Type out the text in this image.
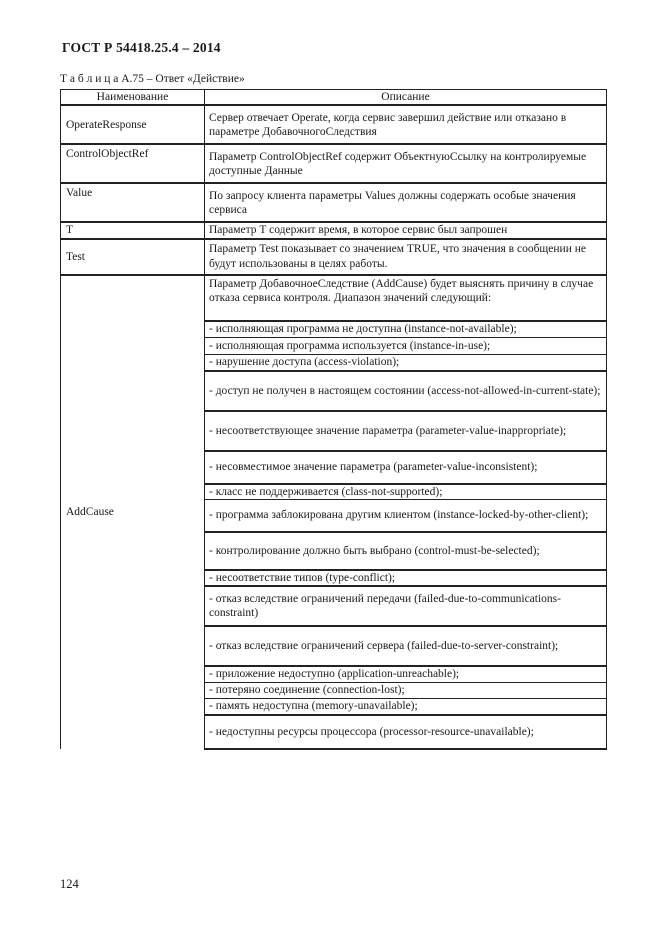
ГОСТ Р 54418.25.4 – 2014
Т а б л и ц а А.75 – Ответ «Действие»
Наименование	Описание
OperateResponse	Сервер отвечает Operate, когда сервис завершил действие или отказано в параметре ДобавочногоСледствия
ControlObjectRef	Параметр ControlObjectRef содержит ОбъектнуюСсылку на контролируемые доступные Данные
Value	По запросу клиента параметры Values должны содержать особые значения сервиса
T	Параметр T содержит время, в которое сервис был запрошен
Test	Параметр Test показывает со значением TRUE, что значения в сообщении не будут использованы в целях работы.
AddCause	Параметр ДобавочноеСледствие (AddCause) будет выяснять причину в случае отказа сервиса контроля. Диапазон значений следующий:
	- исполняющая программа не доступна (instance-not-available);
	- исполняющая программа используется (instance-in-use);
	- нарушение доступа (access-violation);
	- доступ не получен в настоящем состоянии (access-not-allowed-in-current-state);
	- несоответствующее значение параметра (parameter-value-inappropriate);
	- несовместимое значение параметра (parameter-value-inconsistent);
	- класс не поддерживается (class-not-supported);
	- программа заблокирована другим клиентом (instance-locked-by-other-client);
	- контролирование должно быть выбрано (control-must-be-selected);
	- несоответствие типов (type-conflict);
	- отказ вследствие ограничений передачи (failed-due-to-communications-constraint)
	- отказ вследствие ограничений сервера (failed-due-to-server-constraint);
	- приложение недоступно (application-unreachable);
	- потеряно соединение (connection-lost);
	- память недоступна (memory-unavailable);
	- недоступны ресурсы процессора (processor-resource-unavailable);
124
